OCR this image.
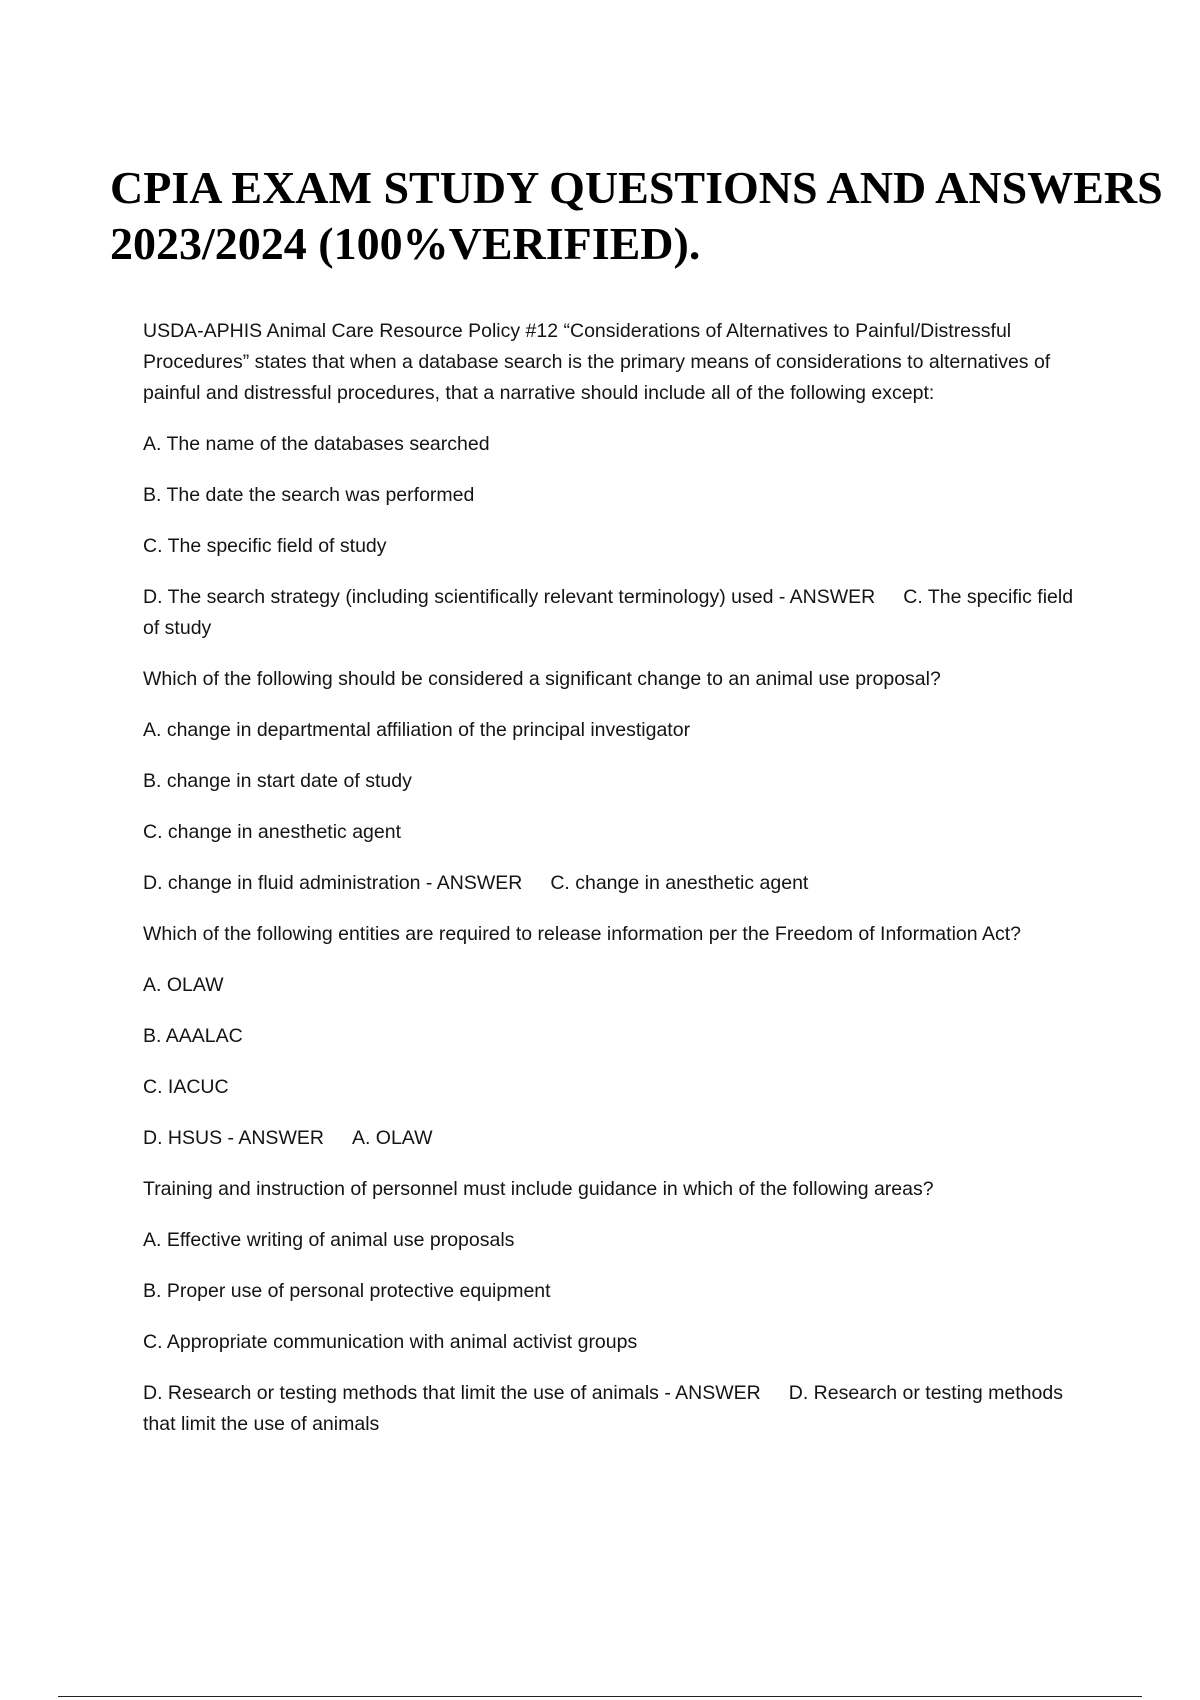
CPIA EXAM STUDY QUESTIONS AND ANSWERS
2023/2024 (100%VERIFIED).

USDA-APHIS Animal Care Resource Policy #12 “Considerations of Alternatives to Painful/Distressful Procedures” states that when a database search is the primary means of considerations to alternatives of painful and distressful procedures, that a narrative should include all of the following except:

A. The name of the databases searched

B. The date the search was performed

C. The specific field of study

D. The search strategy (including scientifically relevant terminology) used - ANSWER C. The specific field of study

Which of the following should be considered a significant change to an animal use proposal?

A. change in departmental affiliation of the principal investigator

B. change in start date of study

C. change in anesthetic agent

D. change in fluid administration - ANSWER C. change in anesthetic agent

Which of the following entities are required to release information per the Freedom of Information Act?

A. OLAW

B. AAALAC

C. IACUC

D. HSUS - ANSWER A. OLAW

Training and instruction of personnel must include guidance in which of the following areas?

A. Effective writing of animal use proposals

B. Proper use of personal protective equipment

C. Appropriate communication with animal activist groups

D. Research or testing methods that limit the use of animals - ANSWER D. Research or testing methods that limit the use of animals
